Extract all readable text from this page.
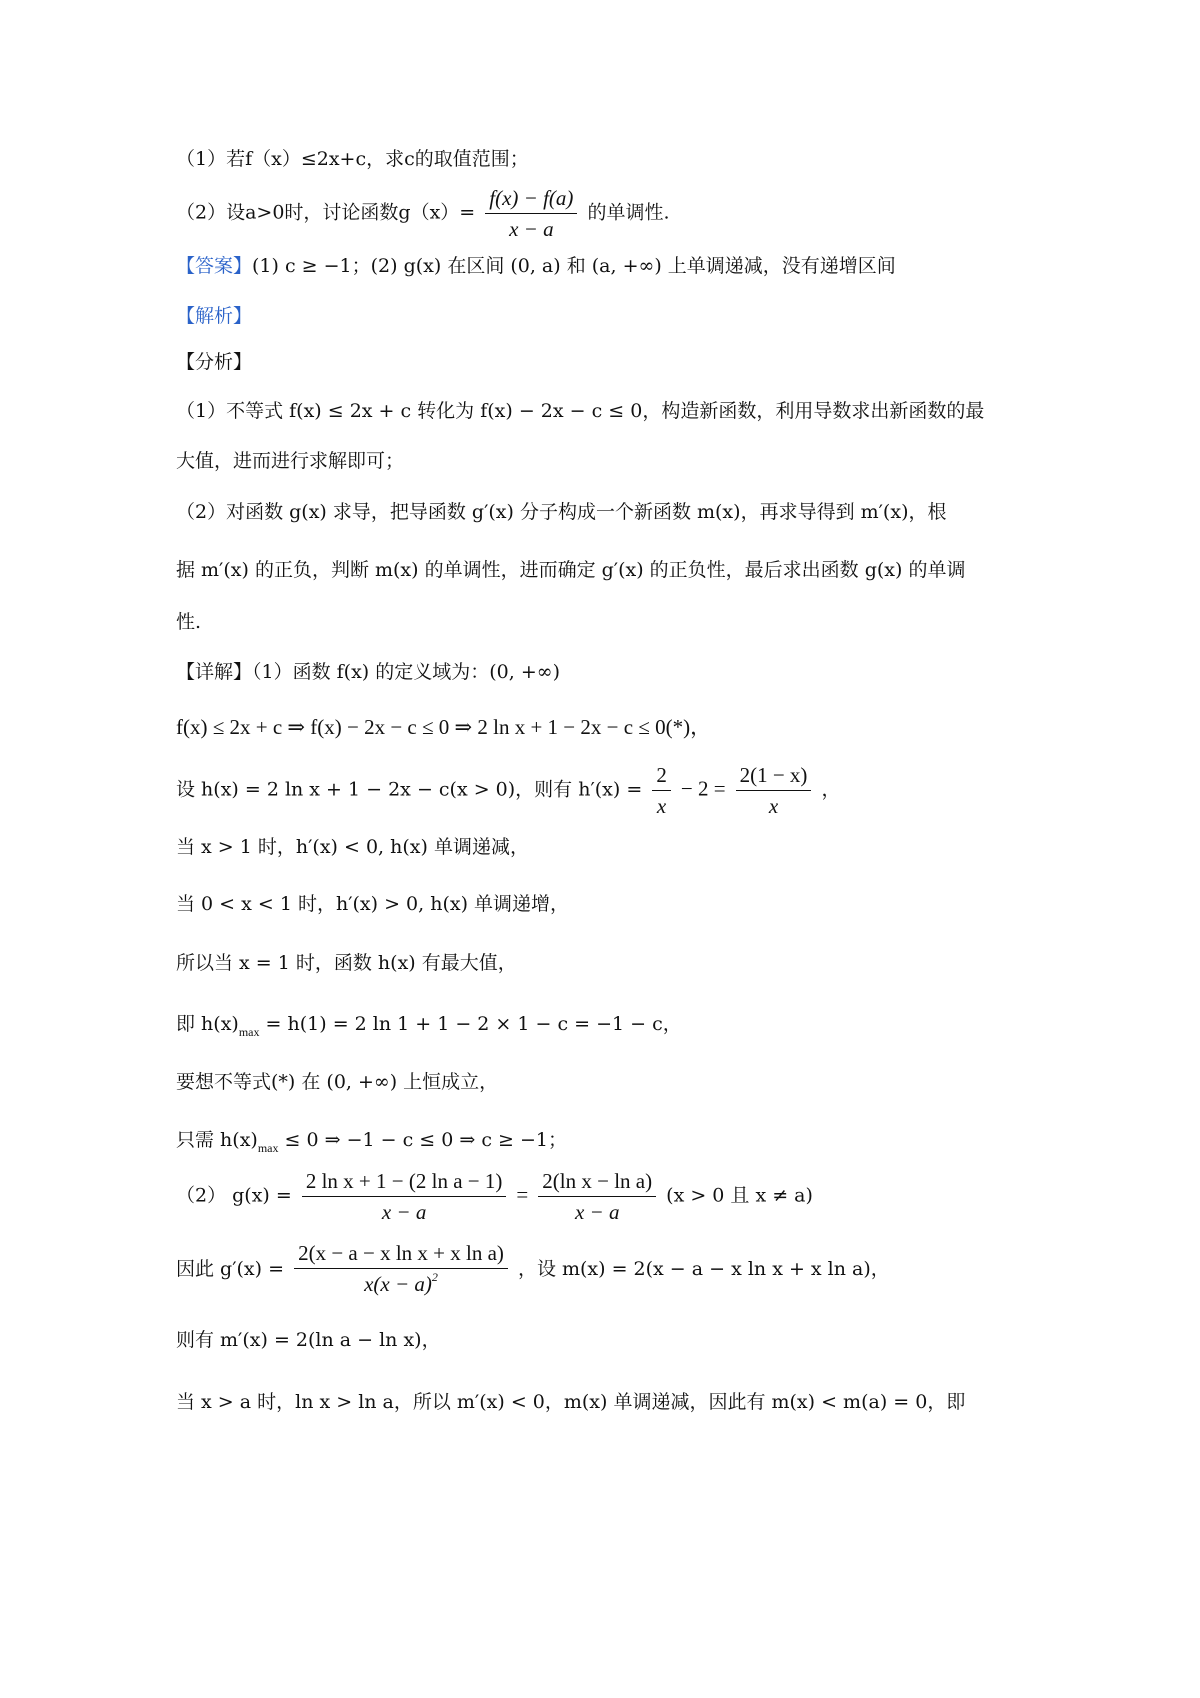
（1）若f（x）≤2x+c，求c的取值范围；
（2）设a>0时，讨论函数$g(x)= \frac{f(x) - f(a)}{x - a}$ 的单调性.
【答案】(1) c ≥ −1；(2) g(x) 在区间 (0, a) 和 (a, +∞) 上单调递减，没有递增区间
【解析】
【分析】
（1）不等式 f(x) ≤ 2x + c 转化为 f(x) − 2x − c ≤ 0，构造新函数，利用导数求出新函数的最
大值，进而进行求解即可；
（2）对函数 g(x) 求导，把导函数 g′(x) 分子构成一个新函数 m(x)，再求导得到 m′(x)，根
据 m′(x) 的正负，判断 m(x) 的单调性，进而确定 g′(x) 的正负性，最后求出函数 g(x) 的单调
性.
【详解】（1）函数 f(x) 的定义域为：(0, +∞)
f(x) ≤ 2x + c ⇒ f(x) − 2x − c ≤ 0 ⇒ 2 ln x + 1 − 2x − c ≤ 0(*)，
设 h(x) = 2 ln x + 1 − 2x − c(x > 0)，则有 $h'(x) = \frac{2}{x} - 2 = \frac{2(1 - x)}{x}$ ，
当 x > 1 时，h′(x) < 0, h(x) 单调递减，
当 0 < x < 1 时，h′(x) > 0, h(x) 单调递增，
所以当 x = 1 时，函数 h(x) 有最大值，
即 $h(x)_{max} = h(1) = 2$ ln 1 + 1 − 2 × 1 − c = −1 − c，
要想不等式(*) 在 (0, +∞) 上恒成立，
只需 $h(x)_{max} \le 0$ ⇒ −1 − c ≤ 0 ⇒ c ≥ −1；
（2） $g(x) = \frac{\text{2 ln x + 1 − (2 ln a − 1)}}{x - a} = \frac{\text{2(ln x − ln a)}}{x - a} (x > 0$ 且 x ≠ a)
因此 $g'(x) = \frac{\text{2(x − a − x ln x + x ln a)}}{x(x - a)^2}$ ，设 m(x) = 2(x − a − x ln x + x ln a)，
则有 m′(x) = 2(ln a − ln x)，
当 x > a 时，ln x > ln a，所以 m′(x) < 0，m(x) 单调递减，因此有 m(x) < m(a) = 0，即
